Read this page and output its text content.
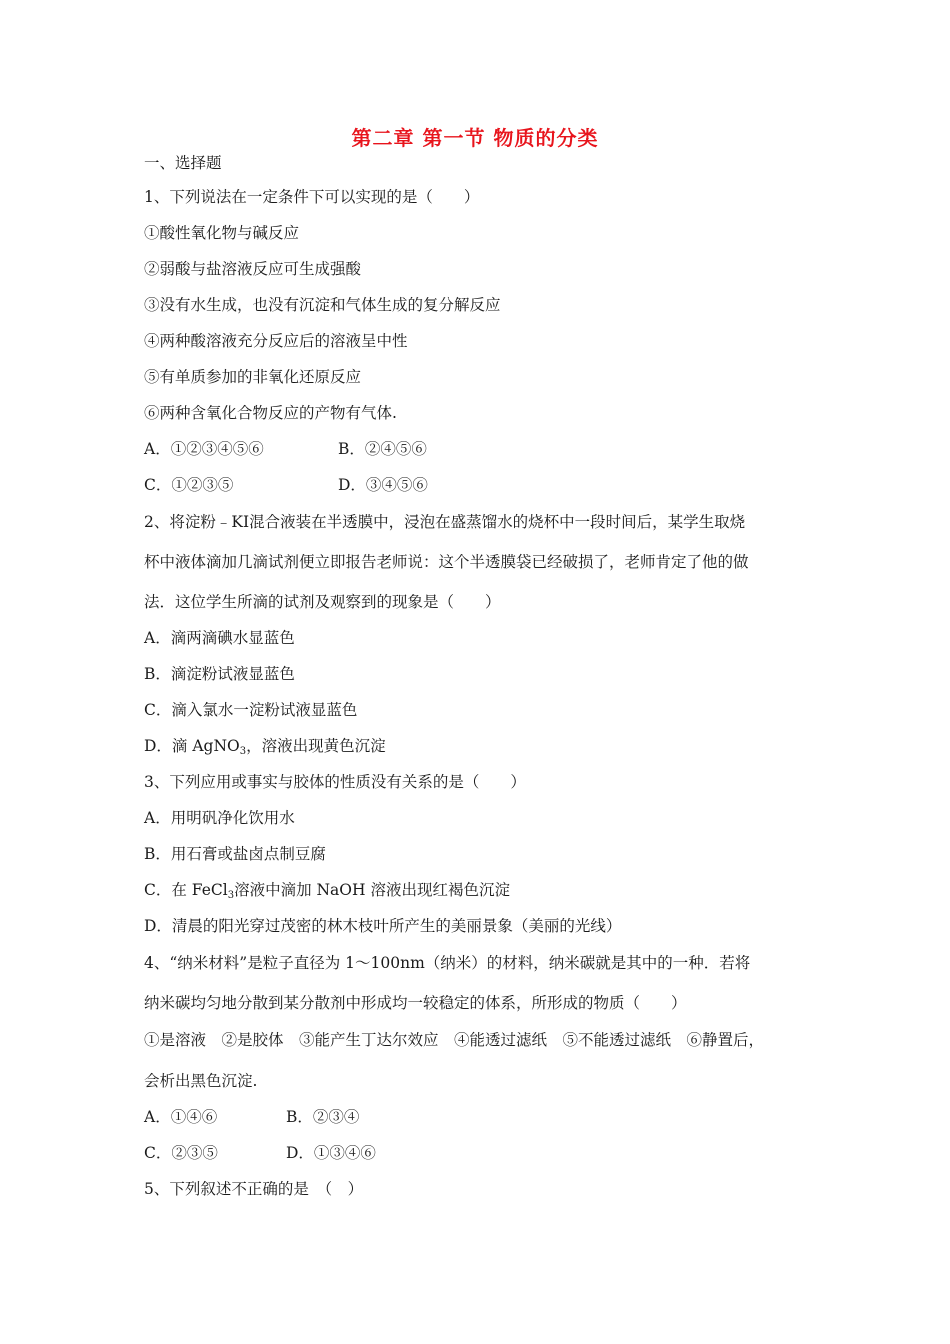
第二章 第一节 物质的分类
一、选择题
1、下列说法在一定条件下可以实现的是（　　）
①酸性氧化物与碱反应
②弱酸与盐溶液反应可生成强酸
③没有水生成，也没有沉淀和气体生成的复分解反应
④两种酸溶液充分反应后的溶液呈中性
⑤有单质参加的非氧化还原反应
⑥两种含氧化合物反应的产物有气体.
A．①②③④⑤⑥	B．②④⑤⑥
C．①②③⑤	D．③④⑤⑥
2、将淀粉﹣KI混合液装在半透膜中，浸泡在盛蒸馏水的烧杯中一段时间后，某学生取烧
杯中液体滴加几滴试剂便立即报告老师说：这个半透膜袋已经破损了，老师肯定了他的做
法．这位学生所滴的试剂及观察到的现象是（　　）
A．滴两滴碘水显蓝色
B．滴淀粉试液显蓝色
C．滴入氯水一淀粉试液显蓝色
D．滴 AgNO$_3$，溶液出现黄色沉淀
3、下列应用或事实与胶体的性质没有关系的是（　　）
A．用明矾净化饮用水
B．用石膏或盐卤点制豆腐
C．在 FeCl$_3$溶液中滴加 NaOH 溶液出现红褐色沉淀
D．清晨的阳光穿过茂密的林木枝叶所产生的美丽景象（美丽的光线）
4、“纳米材料”是粒子直径为 1～100nm（纳米）的材料，纳米碳就是其中的一种．若将
纳米碳均匀地分散到某分散剂中形成均一较稳定的体系，所形成的物质（　　）
①是溶液　②是胶体　③能产生丁达尔效应　④能透过滤纸　⑤不能透过滤纸　⑥静置后，
会析出黑色沉淀.
A．①④⑥	B．②③④
C．②③⑤	D．①③④⑥
5、下列叙述不正确的是　（　）
